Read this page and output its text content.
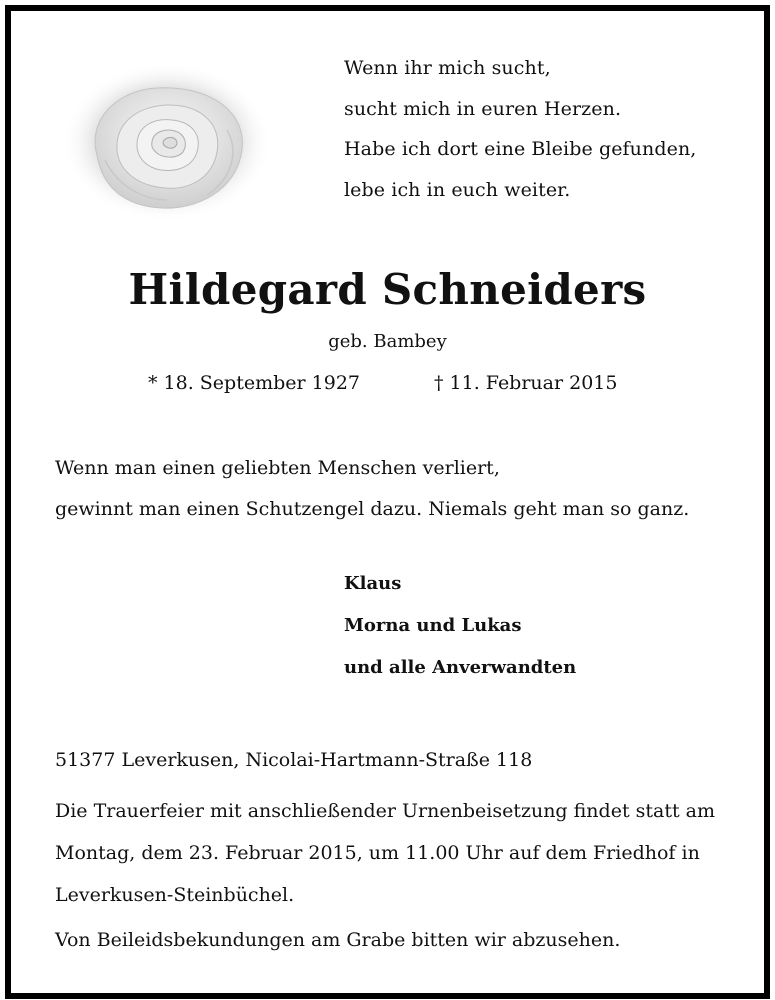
Wenn ihr mich sucht,
sucht mich in euren Herzen.
Habe ich dort eine Bleibe gefunden,
lebe ich in euch weiter.
Hildegard Schneiders
geb. Bambey
* 18. September 1927	† 11. Februar 2015
Wenn man einen geliebten Menschen verliert,
gewinnt man einen Schutzengel dazu. Niemals geht man so ganz.
Klaus
Morna und Lukas
und alle Anverwandten
51377 Leverkusen, Nicolai-Hartmann-Straße 118
Die Trauerfeier mit anschließender Urnenbeisetzung findet statt am
Montag, dem 23. Februar 2015, um 11.00 Uhr auf dem Friedhof in
Leverkusen-Steinbüchel.
Von Beileidsbekundungen am Grabe bitten wir abzusehen.
